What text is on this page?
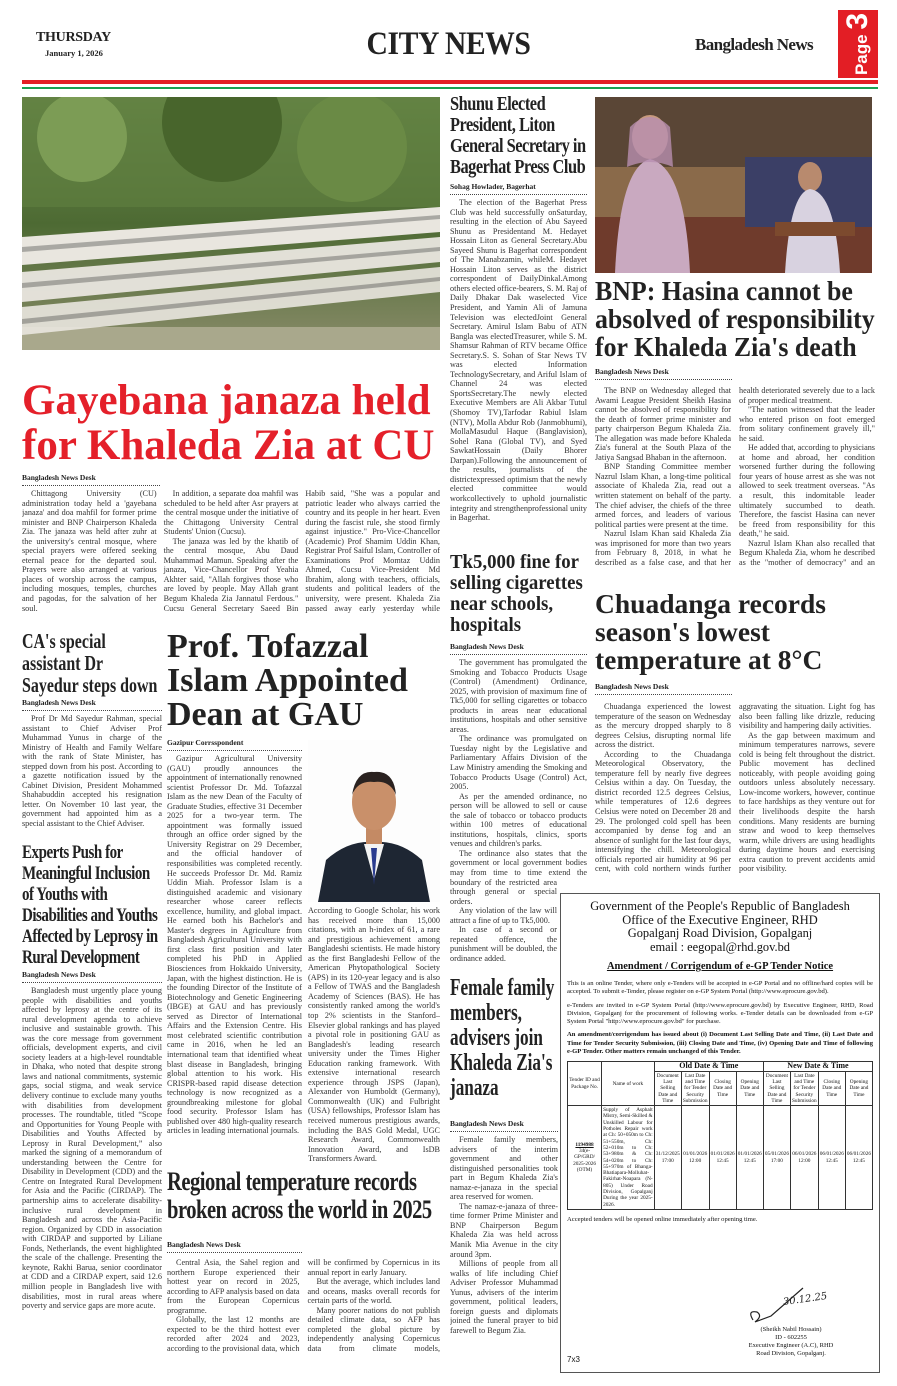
THURSDAY
January 1, 2026	CITY NEWS	Bangladesh News	Page 3
Gayebana janaza held for Khaleda Zia at CU
Bangladesh News Desk

Chittagong University (CU) administration today held a 'gayebana janaza' and doa mahfil for former prime minister and BNP Chairperson Khaleda Zia. The janaza was held after zuhr at the university's central mosque, where special prayers were offered seeking eternal peace for the departed soul. Prayers were also arranged at various places of worship across the campus, including mosques, temples, churches and pagodas, for the salvation of her soul.

In addition, a separate doa mahfil was scheduled to be held after Asr prayers at the central mosque under the initiative of the Chittagong University Central Students' Union (Cucsu).

The janaza was led by the khatib of the central mosque, Abu Daud Muhammad Mamun. Speaking after the janaza, Vice-Chancellor Prof Yeahia Akhter said, "Allah forgives those who are loved by people. May Allah grant Begum Khaleda Zia Jannatul Ferdous." Cucsu General Secretary Saeed Bin Habib said, "She was a popular and patriotic leader who always carried the country and its people in her heart. Even during the fascist rule, she stood firmly against injustice." Pro-Vice-Chancellor (Academic) Prof Shamim Uddin Khan, Registrar Prof Saiful Islam, Controller of Examinations Prof Momtaz Uddin Ahmed, Cucsu Vice-President Md Ibrahim, along with teachers, officials, students and political leaders of the university, were present. Khaleda Zia passed away early yesterday while

CA's special assistant Dr Sayedur steps down
Bangladesh News Desk

Prof Dr Md Sayedur Rahman, special assistant to Chief Adviser Prof Muhammad Yunus in charge of the Ministry of Health and Family Welfare with the rank of State Minister, has stepped down from his post. According to a gazette notification issued by the Cabinet Division, President Mohammed Shahabuddin accepted his resignation letter. On November 10 last year, the government had appointed him as a special assistant to the Chief Adviser.

Experts Push for Meaningful Inclusion of Youths with Disabilities and Youths Affected by Leprosy in Rural Development
Bangladesh News Desk

Bangladesh must urgently place young people with disabilities and youths affected by leprosy at the centre of its rural development agenda to achieve inclusive and sustainable growth. This was the core message from government officials, development experts, and civil society leaders at a high-level roundtable in Dhaka, who noted that despite strong laws and national commitments, systemic gaps, social stigma, and weak service delivery continue to exclude many youths with disabilities from development processes. The roundtable, titled “Scope and Opportunities for Young People with Disabilities and Youths Affected by Leprosy in Rural Development,” also marked the signing of a memorandum of understanding between the Centre for Disability in Development (CDD) and the Centre on Integrated Rural Development for Asia and the Pacific (CIRDAP). The partnership aims to accelerate disability-inclusive rural development in Bangladesh and across the Asia-Pacific region. Organized by CDD in association with CIRDAP and supported by Liliane Fonds, Netherlands, the event highlighted the scale of the challenge. Presenting the keynote, Rakhi Barua, senior coordinator at CDD and a CIRDAP expert, said 12.6 million people in Bangladesh live with disabilities, most in rural areas where poverty and service gaps are more acute.

Prof. Tofazzal Islam Appointed Dean at GAU
Gazipur Corrsspondent

Gazipur Agricultural University (GAU) proudly announces the appointment of internationally renowned scientist Professor Dr. Md. Tofazzal Islam as the new Dean of the Faculty of Graduate Studies, effective 31 December 2025 for a two-year term. The appointment was formally issued through an office order signed by the University Registrar on 29 December, and the official handover of responsibilities was completed recently. He succeeds Professor Dr. Md. Ramiz Uddin Miah. Professor Islam is a distinguished academic and visionary researcher whose career reflects excellence, humility, and global impact. He earned both his Bachelor's and Master's degrees in Agriculture from Bangladesh Agricultural University with first class first position and later completed his PhD in Applied Biosciences from Hokkaido University, Japan, with the highest distinction. He is the founding Director of the Institute of Biotechnology and Genetic Engineering (IBGE) at GAU and has previously served as Director of International Affairs and the Extension Centre. His most celebrated scientific contribution came in 2016, when he led an international team that identified wheat blast disease in Bangladesh, bringing global attention to his work. His CRISPR-based rapid disease detection technology is now recognized as a groundbreaking milestone for global food security. Professor Islam has published over 480 high-quality research articles in leading international journals.

According to Google Scholar, his work has received more than 15,000 citations, with an h-index of 61, a rare and prestigious achievement among Bangladeshi scientists. He made history as the first Bangladeshi Fellow of the American Phytopathological Society (APS) in its 120-year legacy and is also a Fellow of TWAS and the Bangladesh Academy of Sciences (BAS). He has consistently ranked among the world's top 2% scientists in the Stanford–Elsevier global rankings and has played a pivotal role in positioning GAU as Bangladesh's leading research university under the Times Higher Education ranking framework. With extensive international research experience through JSPS (Japan), Alexander von Humboldt (Germany), Commonwealth (UK) and Fulbright (USA) fellowships, Professor Islam has received numerous prestigious awards, including the BAS Gold Medal, UGC Research Award, Commonwealth Innovation Award, and IsDB Transformers Award.

Regional temperature records broken across the world in 2025
Bangladesh News Desk

Central Asia, the Sahel region and northern Europe experienced their hottest year on record in 2025, according to AFP analysis based on data from the European Copernicus programme.

Globally, the last 12 months are expected to be the third hottest ever recorded after 2024 and 2023, according to the provisional data, which will be confirmed by Copernicus in its annual report in early January.

But the average, which includes land and oceans, masks overall records for certain parts of the world.

Many poorer nations do not publish detailed climate data, so AFP has completed the global picture by independently analysing Copernicus data from climate models,

Shunu Elected President, Liton General Secretary in Bagerhat Press Club
Sohag Howlader, Bagerhat

The election of the Bagerhat Press Club was held successfully onSaturday, resulting in the election of Abu Sayeed Shunu as Presidentand M. Hedayet Hossain Liton as General Secretary.Abu Sayeed Shunu is Bagerhat correspondent of The Manabzamin, whileM. Hedayet Hossain Liton serves as the district correspondent of DailyDinkal.Among others elected office-bearers, S. M. Raj of Daily Dhakar Dak waselected Vice President, and Yamin Ali of Jamuna Television was electedJoint General Secretary. Amirul Islam Babu of ATN Bangla was electedTreasurer, while S. M. Shamsur Rahman of RTV became Office Secretary.S. S. Sohan of Star News TV was elected Information TechnologySecretary, and Ariful Islam of Channel 24 was elected SportsSecretary.The newly elected Executive Members are Ali Akbar Tutul (Shomoy TV),Tarfodar Rabiul Islam (NTV), Molla Abdur Rob (Janmobhumi), MollaMasudul Haque (Banglavision), Sohel Rana (Global TV), and Syed SawkatHossain (Daily Bhorer Darpan).Following the announcement of the results, journalists of the districtexpressed optimism that the newly elected committee would workcollectively to uphold journalistic integrity and strengthenprofessional unity in Bagerhat.

Tk5,000 fine for selling cigarettes near schools, hospitals
Bangladesh News Desk

The government has promulgated the Smoking and Tobacco Products Usage (Control) (Amendment) Ordinance, 2025, with provision of maximum fine of Tk5,000 for selling cigarettes or tobacco products in areas near educational institutions, hospitals and other sensitive areas.

The ordinance was promulgated on Tuesday night by the Legislative and Parliamentary Affairs Division of the Law Ministry amending the Smoking and Tobacco Products Usage (Control) Act, 2005.

As per the amended ordinance, no person will be allowed to sell or cause the sale of tobacco or tobacco products within 100 metres of educational institutions, hospitals, clinics, sports venues and children's parks.

The ordinance also states that the government or local government bodies may from time to time extend the boundary of the restricted area through general or special orders.

Any violation of the law will attract a fine of up to Tk5,000.

In case of a second or repeated offence, the punishment will be doubled, the ordinance added.

Female family members, advisers join Khaleda Zia's janaza
Bangladesh News Desk

Female family members, advisers of the interim government and other distinguished personalities took part in Begum Khaleda Zia's namaz-e-janaza in the special area reserved for women.

The namaz-e-janaza of three-time former Prime Minister and BNP Chairperson Begum Khaleda Zia was held across Manik Mia Avenue in the city around 3pm.

Millions of people from all walks of life including Chief Adviser Professor Muhammad Yunus, advisers of the interim government, political leaders, foreign guests and diplomats joined the funeral prayer to bid farewell to Begum Zia.

BNP: Hasina cannot be absolved of responsibility for Khaleda Zia's death
Bangladesh News Desk

The BNP on Wednesday alleged that Awami League President Sheikh Hasina cannot be absolved of responsibility for the death of former prime minister and party chairperson Begum Khaleda Zia. The allegation was made before Khaleda Zia's funeral at the South Plaza of the Jatiya Sangsad Bhaban in the afternoon.

BNP Standing Committee member Nazrul Islam Khan, a long-time political associate of Khaleda Zia, read out a written statement on behalf of the party. The chief adviser, the chiefs of the three armed forces, and leaders of various political parties were present at the time.

Nazrul Islam Khan said Khaleda Zia was imprisoned for more than two years from February 8, 2018, in what he described as a false case, and that her health deteriorated severely due to a lack of proper medical treatment.

"The nation witnessed that the leader who entered prison on foot emerged from solitary confinement gravely ill," he said.

He added that, according to physicians at home and abroad, her condition worsened further during the following four years of house arrest as she was not allowed to seek treatment overseas. "As a result, this indomitable leader ultimately succumbed to death. Therefore, the fascist Hasina can never be freed from responsibility for this death," he said.

Nazrul Islam Khan also recalled that Begum Khaleda Zia, whom he described as the "mother of democracy" and an

Chuadanga records season's lowest temperature at 8°C
Bangladesh News Desk

Chuadanga experienced the lowest temperature of the season on Wednesday as the mercury dropped sharply to 8 degrees Celsius, disrupting normal life across the district.

According to the Chuadanga Meteorological Observatory, the temperature fell by nearly five degrees Celsius within a day. On Tuesday, the district recorded 12.5 degrees Celsius, while temperatures of 12.6 degrees Celsius were noted on December 28 and 29. The prolonged cold spell has been accompanied by dense fog and an absence of sunlight for the last four days, intensifying the chill. Meteorological officials reported air humidity at 96 per cent, with cold northern winds further aggravating the situation. Light fog has also been falling like drizzle, reducing visibility and hampering daily activities.

As the gap between maximum and minimum temperatures narrows, severe cold is being felt throughout the district. Public movement has declined noticeably, with people avoiding going outdoors unless absolutely necessary. Low-income workers, however, continue to face hardships as they venture out for their livelihoods despite the harsh conditions. Many residents are burning straw and wood to keep themselves warm, while drivers are using headlights during daytime hours and exercising extra caution to prevent accidents amid poor visibility.

Government of the People's Republic of Bangladesh
Office of the Executive Engineer, RHD
Gopalganj Road Division, Gopalganj
email : eegopal@rhd.gov.bd
Amendment / Corrigendum of e-GP Tender Notice

This is an online Tender, where only e-Tenders will be accepted in e-GP Portal and no offline/hard copies will be accepted. To submit e-Tender, please register on e-GP System Portal (http://www.eprocure.gov.bd).

e-Tenders are invited in e-GP System Portal (http://www.eprocure.gov.bd) by Executive Engineer, RHD, Road Division, Gopalganj for the procurement of following works. e-Tender details can be downloaded from e-GP System Portal "http://www.eprocure.gov.bd" for purchase.

An amendment/corrigendum has issued about (i) Document Last Selling Date and Time, (ii) Last Date and Time for Tender Security Submission, (iii) Closing Date and Time, (iv) Opening Date and Time of following e-GP Tender. Other matters remain unchanged of this Tender.

Tender ID and Package No.	Name of work	Old Date & Time				New Date & Time			
		Document Last Selling Date and Time	Last Date and Time for Tender Security Submission	Closing Date and Time	Opening Date and Time	Document Last Selling Date and Time	Last Date and Time for Tender Security Submission	Closing Date and Time	Opening Date and Time
1194988
34(e-GP/GRD/ 2025-2026 (OTM)	Supply of Asphalt Mistry, Semi-Skilled & Unskilled Labour for Potholes Repair work at Ch: 50+050m to Ch: 51+550m, Ch: 52+010m to Ch: 53+980m & Ch: 54+020m to Ch: 55+970m of Bhanga-Bhatiapara-Molluhat-Fakirhat-Noapara (N-805) Under Road Division, Gopalganj During the year 2025-2026.	31/12/2025 17:00	01/01/2026 12:00	01/01/2026 12:45	01/01/2026 12:45	05/01/2026 17:00	06/01/2026 12:00	06/01/2026 12:45	06/01/2026 12:45

Accepted tenders will be opened online immediately after opening time.

30.12.25
(Sheikh Nabil Hossain)
ID - 602255
Executive Engineer (A.C), RHD
Road Division, Gopalganj.
7x3
